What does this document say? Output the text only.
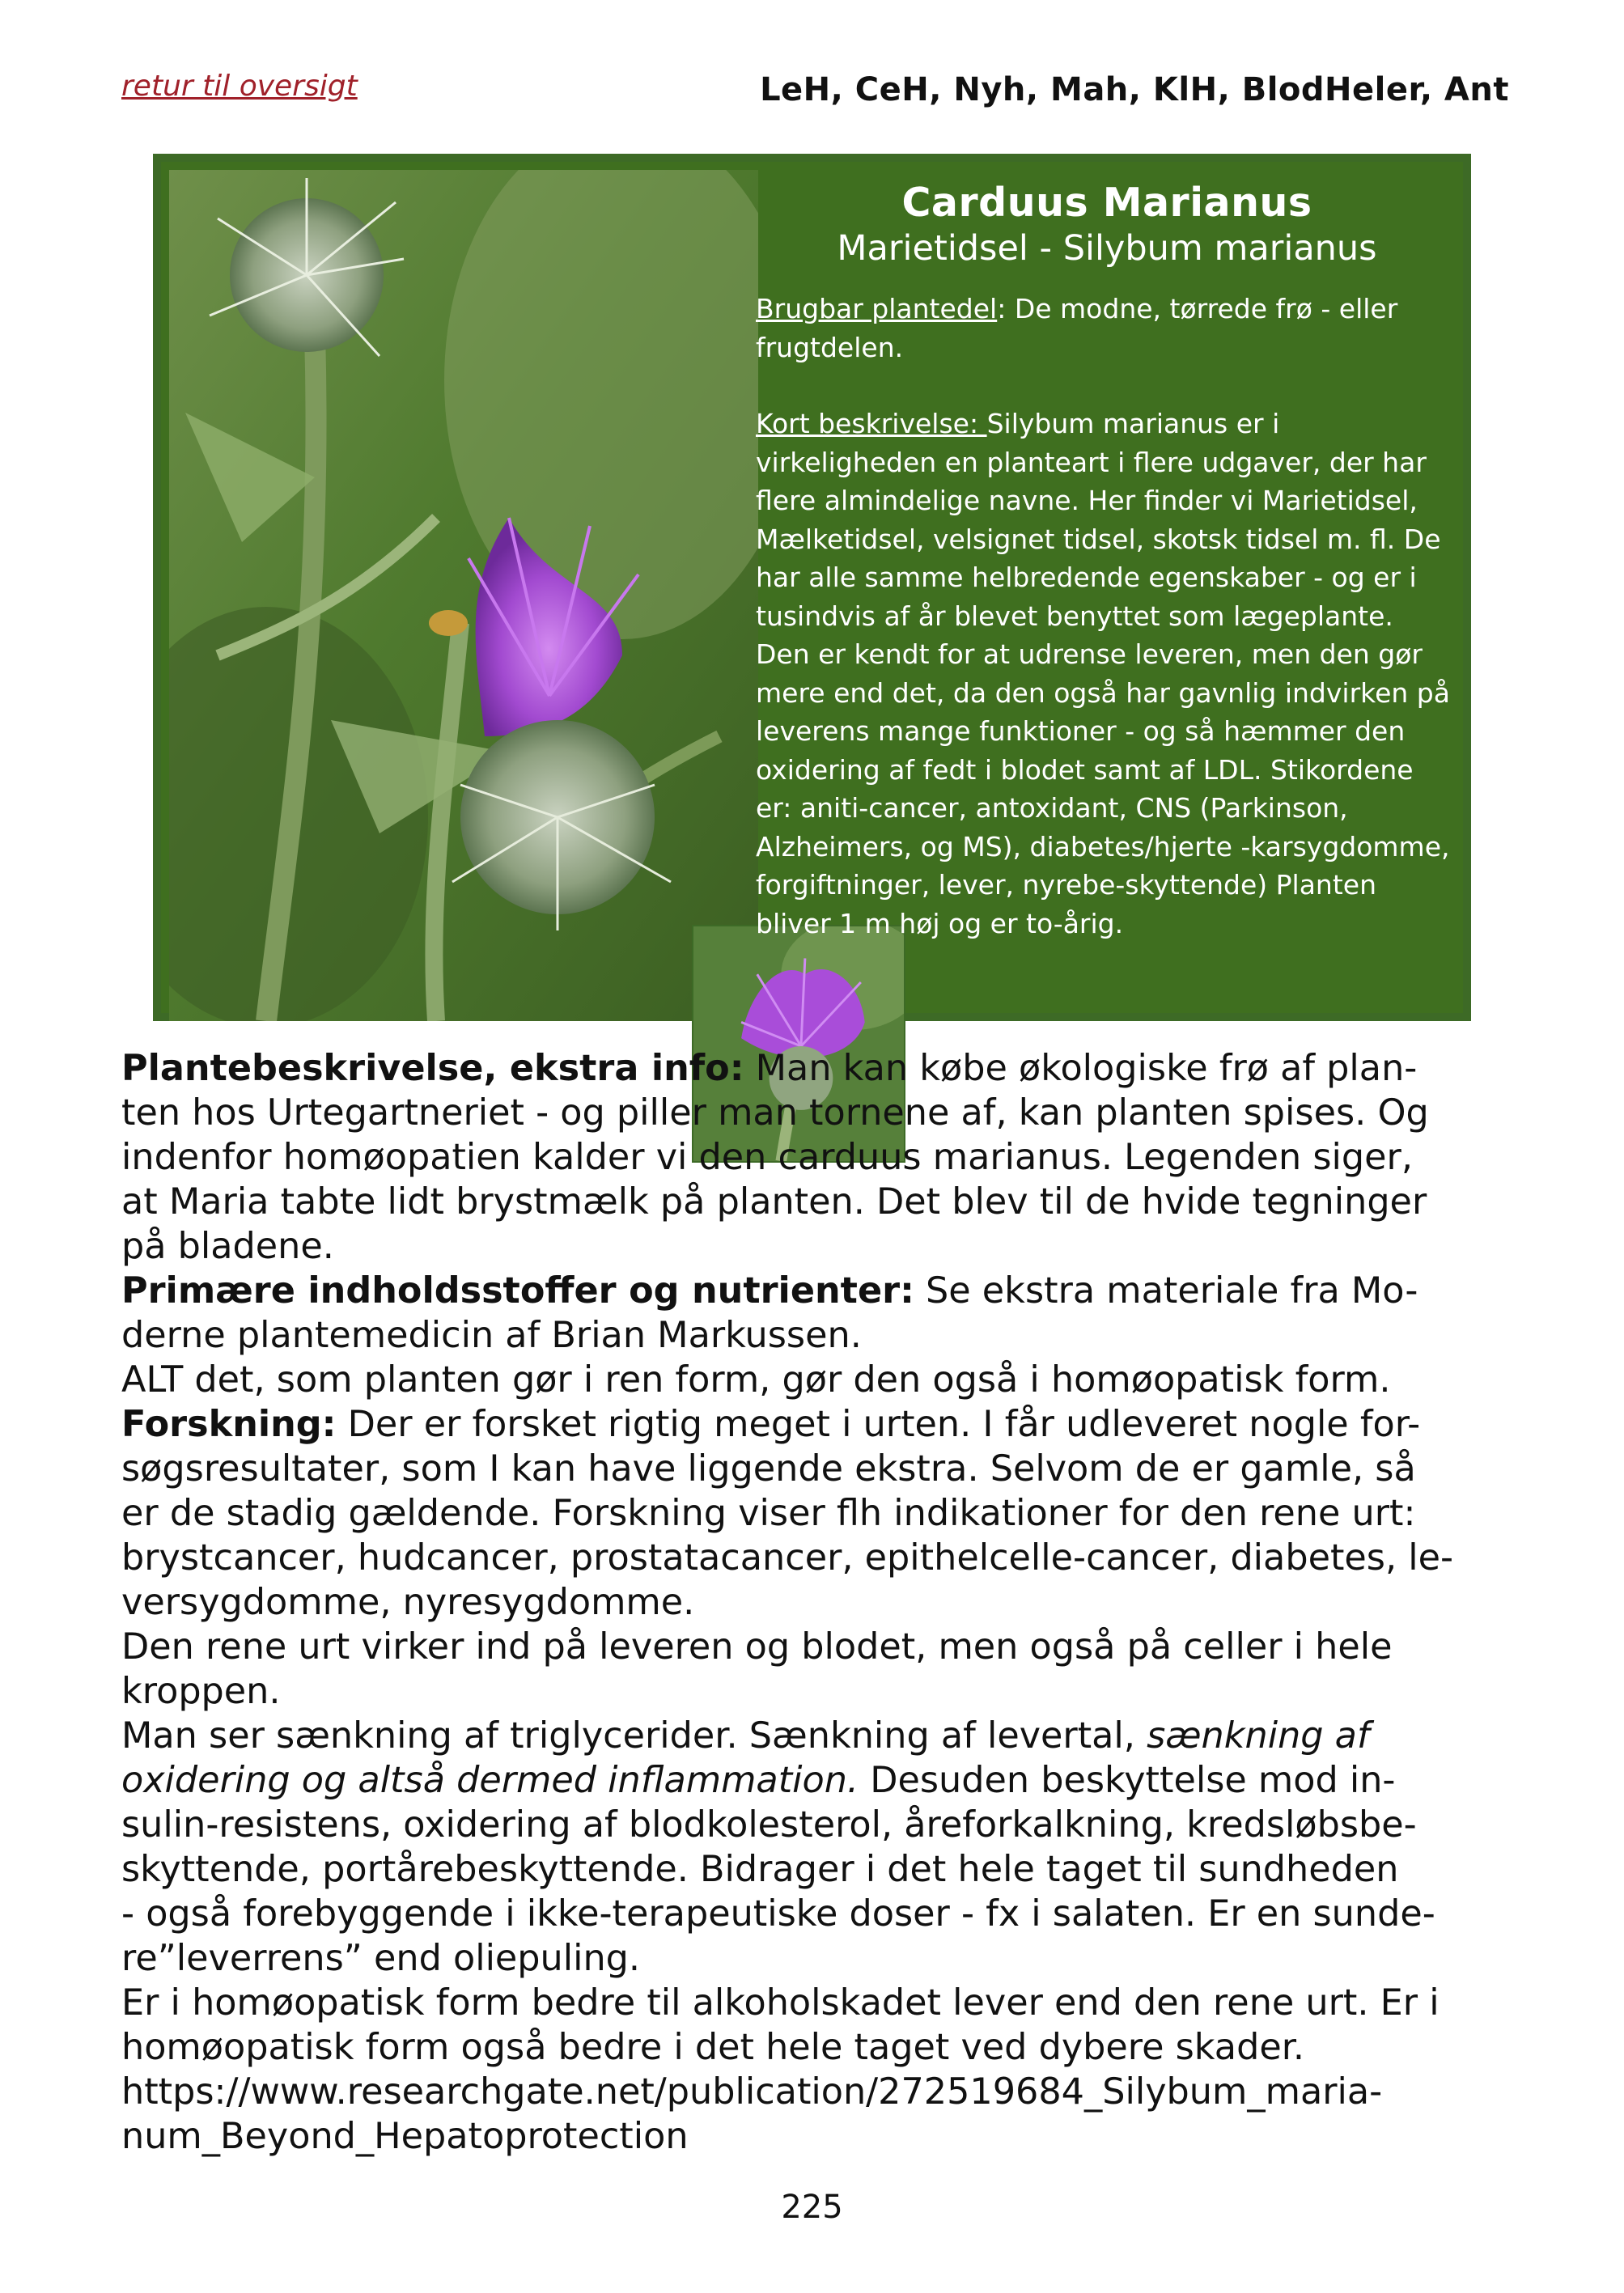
retur til oversigt	LeH, CeH, Nyh, Mah, KlH, BlodHeler, Ant
Carduus Marianus
Marietidsel - Silybum marianus

Brugbar plantedel: De modne, tørrede frø - eller frugtdelen.

Kort beskrivelse: Silybum marianus er i virkeligheden en planteart i flere udgaver, der har flere almindelige navne. Her finder vi Marietidsel, Mælketidsel, velsignet tidsel, skotsk tidsel m. fl. De har alle samme helbredende egenskaber - og er i tusindvis af år blevet benyttet som lægeplante. Den er kendt for at udrense leveren, men den gør mere end det, da den også har gavnlig indvirken på leverens mange funktioner - og så hæmmer den oxidering af fedt i blodet samt af LDL. Stikordene er: aniti-cancer, antoxidant, CNS (Parkinson, Alzheimers, og MS), diabetes/hjerte -karsygdomme, forgiftninger, lever, nyrebe-skyttende) Planten bliver 1 m høj og er to-årig.

Plantebeskrivelse, ekstra info: Man kan købe økologiske frø af plan-
ten hos Urtegartneriet - og piller man tornene af, kan planten spises. Og
indenfor homøopatien kalder vi den carduus marianus. Legenden siger,
at Maria tabte lidt brystmælk på planten. Det blev til de hvide tegninger
på bladene.
Primære indholdsstoffer og nutrienter: Se ekstra materiale fra Mo-
derne plantemedicin af Brian Markussen.
ALT det, som planten gør i ren form, gør den også i homøopatisk form.
Forskning: Der er forsket rigtig meget i urten. I får udleveret nogle for-
søgsresultater, som I kan have liggende ekstra. Selvom de er gamle, så
er de stadig gældende. Forskning viser flh indikationer for den rene urt:
brystcancer, hudcancer, prostatacancer, epithelcelle-cancer, diabetes, le-
versygdomme, nyresygdomme.
Den rene urt virker ind på leveren og blodet, men også på celler i hele
kroppen.
Man ser sænkning af triglycerider. Sænkning af levertal, sænkning af
oxidering og altså dermed inflammation. Desuden beskyttelse mod in-
sulin-resistens, oxidering af blodkolesterol, åreforkalkning, kredsløbsbe-
skyttende, portårebeskyttende. Bidrager i det hele taget til sundheden
- også forebyggende i ikke-terapeutiske doser - fx i salaten. Er en sunde-
re”leverrens” end oliepuling.
Er i homøopatisk form bedre til alkoholskadet lever end den rene urt. Er i
homøopatisk form også bedre i det hele taget ved dybere skader.
https://www.researchgate.net/publication/272519684_Silybum_maria-
num_Beyond_Hepatoprotection
225
